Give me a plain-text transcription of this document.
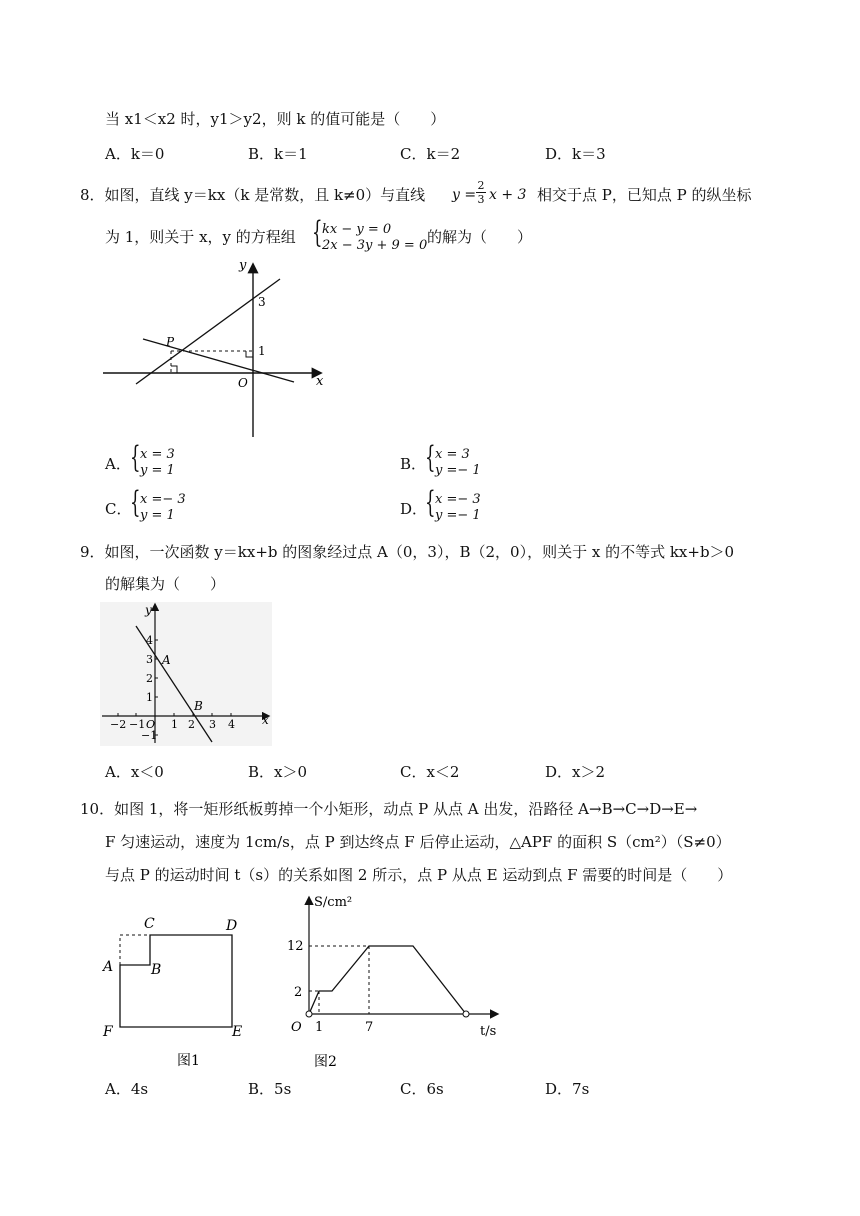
当 x1＜x2 时，y1＞y2，则 k 的值可能是（　　）
A．k＝0	B．k＝1	C．k＝2	D．k＝3
8．如图，直线 y＝kx（k 是常数，且 k≠0）与直线 y =
2
3 x + 3 相交于点 P，已知点 P 的纵坐标
为 1，则关于 x，y 的方程组 { kx − y = 0
2x − 3y + 9 = 0 的解为（　　）
y
x
O
P
3
1
A． { x = 3
y = 1	B．
{ x = 3
y =− 1
C．
{ x =− 3
y = 1	D．
{ x =− 3
y =− 1
9．如图，一次函数 y＝kx+b 的图象经过点 A（0，3），B（2，0），则关于 x 的不等式 kx+b＞0
的解集为（　　）
y
x
O
A
B
−2 −1 1 2 3 4
4
3
2
1
−1
A．x＜0	B．x＞0	C．x＜2	D．x＞2
10．如图 1，将一矩形纸板剪掉一个小矩形，动点 P 从点 A 出发，沿路径 A→B→C→D→E→
F 匀速运动，速度为 1cm/s，点 P 到达终点 F 后停止运动，△APF 的面积 S（cm²）（S≠0）
与点 P 的运动时间 t（s）的关系如图 2 所示，点 P 从点 E 运动到点 F 需要的时间是（　　）
A	B
C	D
E
F
图1
S/cm²
t/s
O
12
2
1	7
图2
A．4s	B．5s	C．6s	D．7s
